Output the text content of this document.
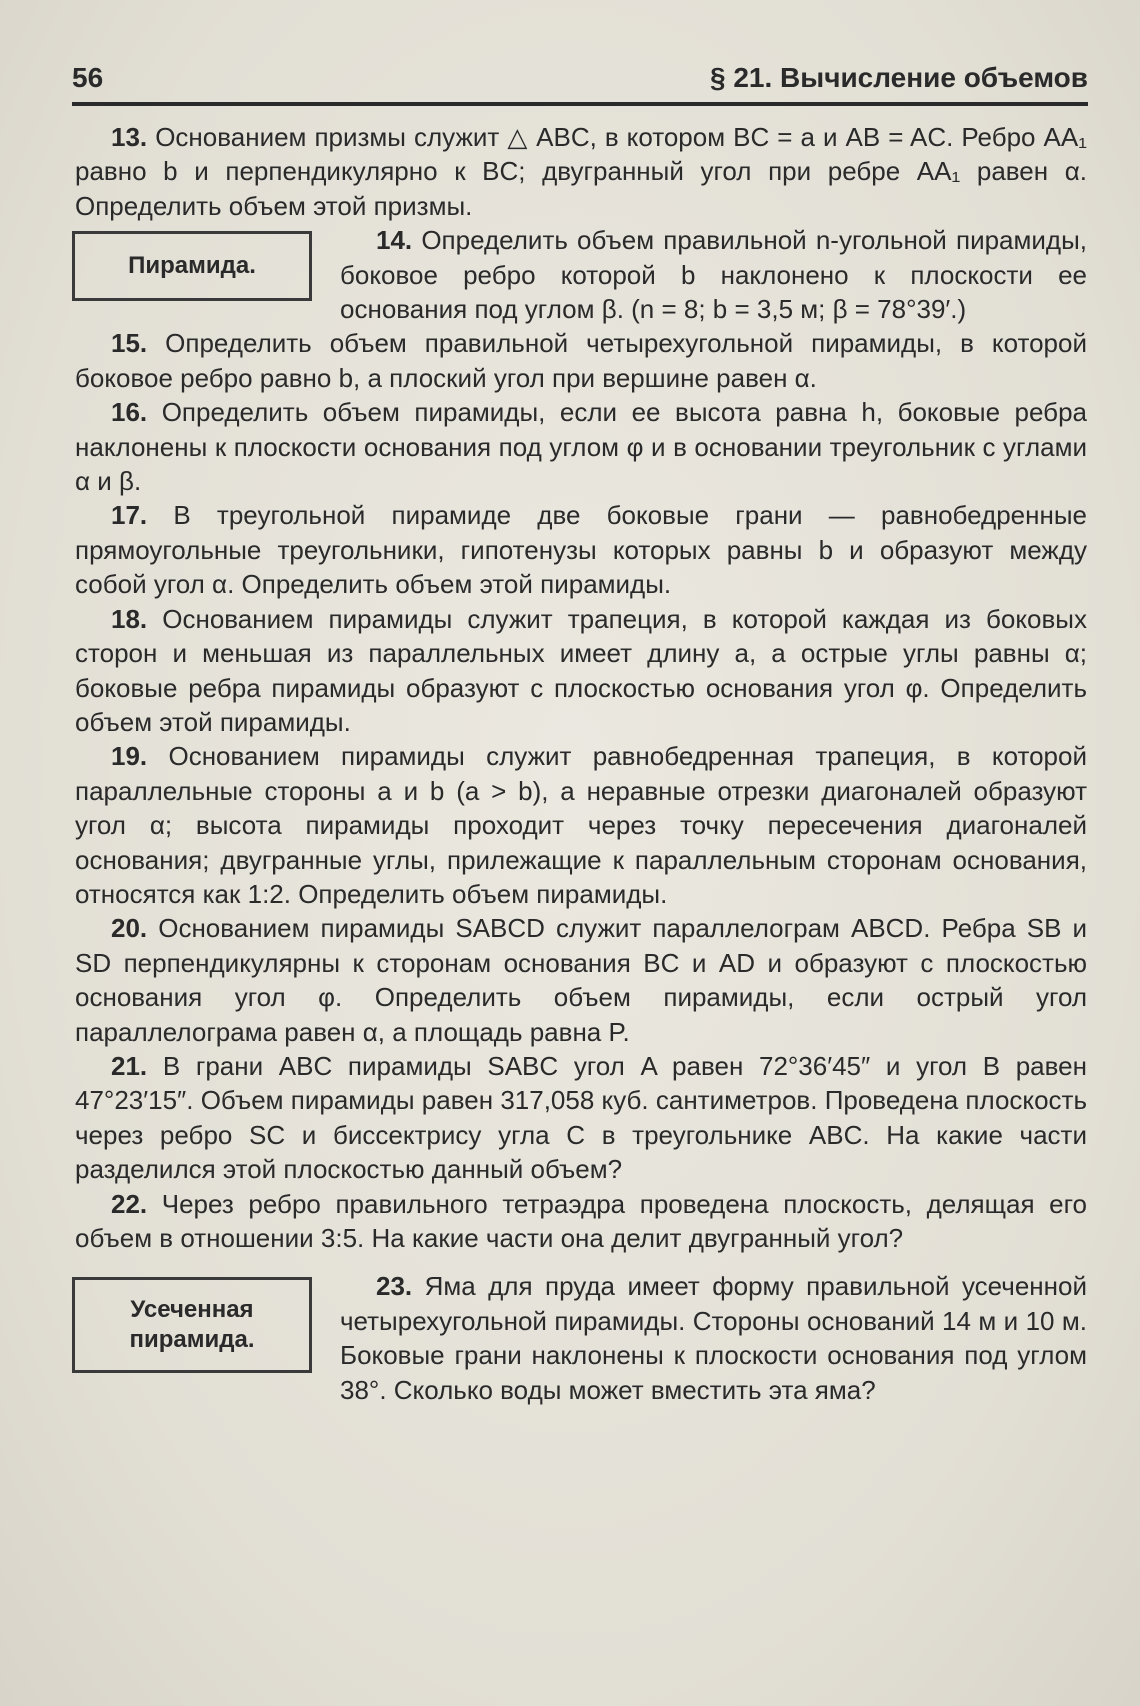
56	§ 21. Вычисление объемов

13. Основанием призмы служит △ ABC, в котором BC = a и AB = AC. Ребро AA₁ равно b и перпендикулярно к BC; двугранный угол при ребре AA₁ равен α. Определить объем этой призмы.

Пирамида.

14. Определить объем правильной n-угольной пирамиды, боковое ребро которой b наклонено к плоскости ее основания под углом β. (n = 8; b = 3,5 м; β = 78°39′.)

15. Определить объем правильной четырехугольной пирамиды, в которой боковое ребро равно b, а плоский угол при вершине равен α.

16. Определить объем пирамиды, если ее высота равна h, боковые ребра наклонены к плоскости основания под углом φ и в основании треугольник с углами α и β.

17. В треугольной пирамиде две боковые грани — равнобедренные прямоугольные треугольники, гипотенузы которых равны b и образуют между собой угол α. Определить объем этой пирамиды.

18. Основанием пирамиды служит трапеция, в которой каждая из боковых сторон и меньшая из параллельных имеет длину a, а острые углы равны α; боковые ребра пирамиды образуют с плоскостью основания угол φ. Определить объем этой пирамиды.

19. Основанием пирамиды служит равнобедренная трапеция, в которой параллельные стороны a и b (a > b), а неравные отрезки диагоналей образуют угол α; высота пирамиды проходит через точку пересечения диагоналей основания; двугранные углы, прилежащие к параллельным сторонам основания, относятся как 1:2. Определить объем пирамиды.

20. Основанием пирамиды SABCD служит параллелограм ABCD. Ребра SB и SD перпендикулярны к сторонам основания BC и AD и образуют с плоскостью основания угол φ. Определить объем пирамиды, если острый угол параллелограма равен α, а площадь равна P.

21. В грани ABC пирамиды SABC угол A равен 72°36′45″ и угол B равен 47°23′15″. Объем пирамиды равен 317,058 куб. сантиметров. Проведена плоскость через ребро SC и биссектрису угла C в треугольнике ABC. На какие части разделился этой плоскостью данный объем?

22. Через ребро правильного тетраэдра проведена плоскость, делящая его объем в отношении 3:5. На какие части она делит двугранный угол?

Усеченная пирамида.

23. Яма для пруда имеет форму правильной усеченной четырехугольной пирамиды. Стороны оснований 14 м и 10 м. Боковые грани наклонены к плоскости основания под углом 38°. Сколько воды может вместить эта яма?
